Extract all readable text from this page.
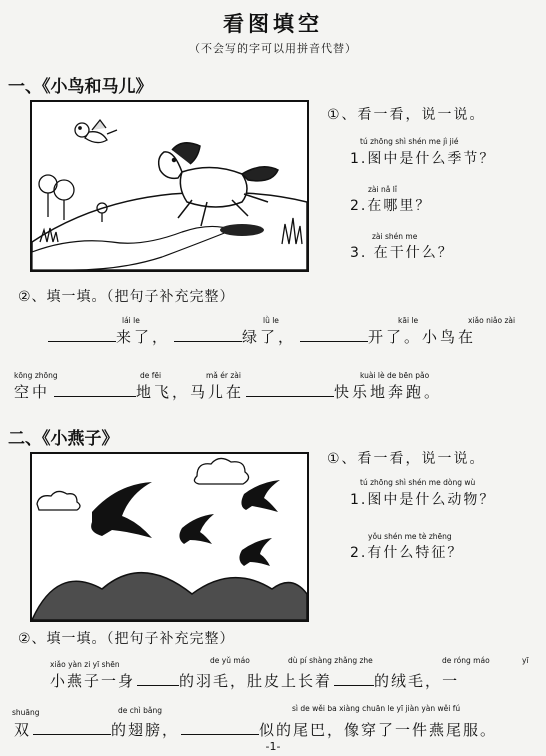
看图填空
（不会写的字可以用拼音代替）
一、《小鸟和马儿》
①、看一看，说一说。
tú zhōng shì shén me jì jié
1.图中是什么季节？
zài nǎ lǐ
2.在哪里？
zài shén me
3. 在干什么？
②、填一填。（把句子补充完整）
lái le	lǜ le	kāi le	xiǎo niǎo zài
来了，	绿了，	开了。小鸟在
kōng zhōng	de fēi	mǎ ér zài	kuài lè de bēn pǎo
空中	地飞，马儿在	快乐地奔跑。
二、《小燕子》
①、看一看，说一说。
tú zhōng shì shén me dòng wù
1.图中是什么动物？
yǒu shén me tè zhēng
2.有什么特征？
②、填一填。（把句子补充完整）
xiǎo yàn zi yī shēn	de yǔ máo	dù pí shàng zhǎng zhe	de róng máo	yī
小燕子一身	的羽毛，肚皮上长着	的绒毛，一
shuāng	de chì bǎng	sì de wěi ba xiàng chuān le yī jiàn yàn wěi fú
双	的翅膀，	似的尾巴，像穿了一件燕尾服。
-1-
